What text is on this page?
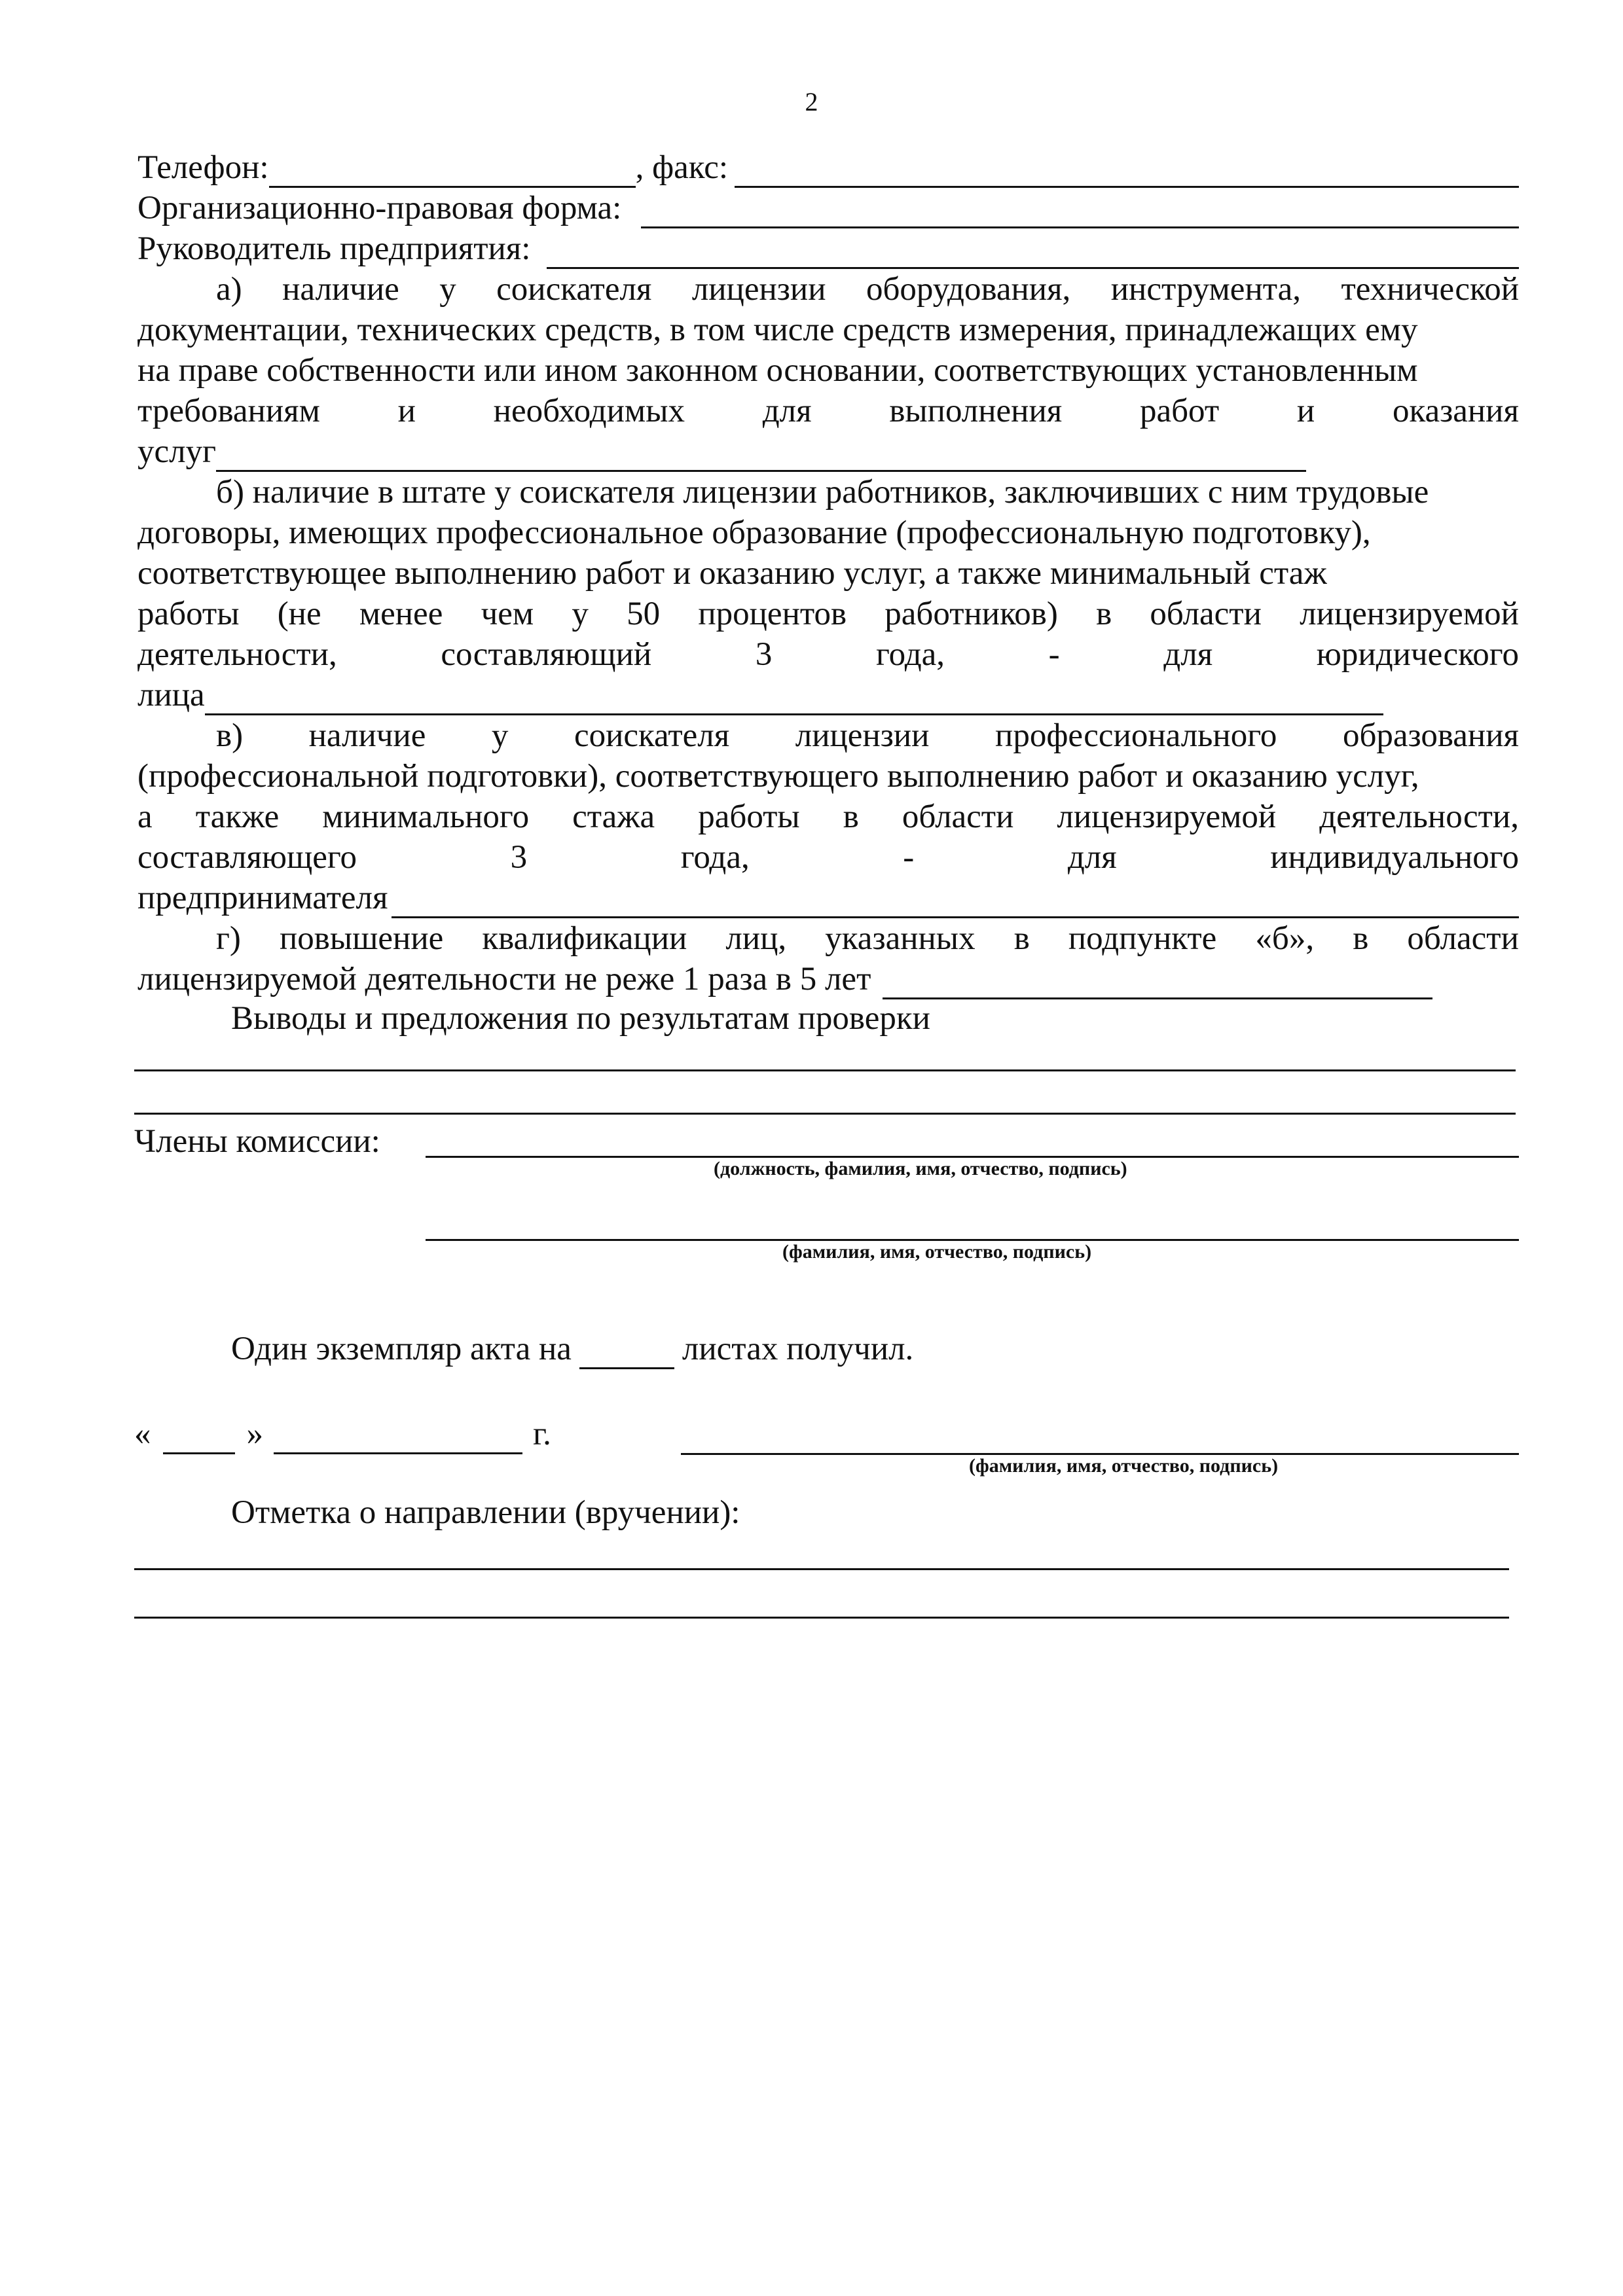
2
Телефон:	, факс:
Организационно-правовая форма:
Руководитель предприятия:
а) наличие у соискателя лицензии оборудования, инструмента, технической
документации, технических средств, в том числе средств измерения, принадлежащих ему
на праве собственности или ином законном основании, соответствующих установленным
требованиям и необходимых для выполнения работ и оказания
услуг
б) наличие в штате у соискателя лицензии работников, заключивших с ним трудовые
договоры, имеющих профессиональное образование (профессиональную подготовку),
соответствующее выполнению работ и оказанию услуг, а также минимальный стаж
работы (не менее чем у 50 процентов работников) в области лицензируемой
деятельности,	составляющий	3	года,	-	для	юридического
лица
в) наличие у соискателя лицензии профессионального образования
(профессиональной подготовки), соответствующего выполнению работ и оказанию услуг,
а также минимального стажа работы в области лицензируемой деятельности,
составляющего	3	года,	-	для	индивидуального
предпринимателя
г) повышение квалификации лиц, указанных в подпункте «б», в области
лицензируемой деятельности не реже 1 раза в 5 лет
Выводы и предложения по результатам проверки
Члены комиссии:
(должность, фамилия, имя, отчество, подпись)
(фамилия, имя, отчество, подпись)
Один экземпляр акта на	листах получил.
«	»	г.
(фамилия, имя, отчество, подпись)
Отметка о направлении (вручении):
